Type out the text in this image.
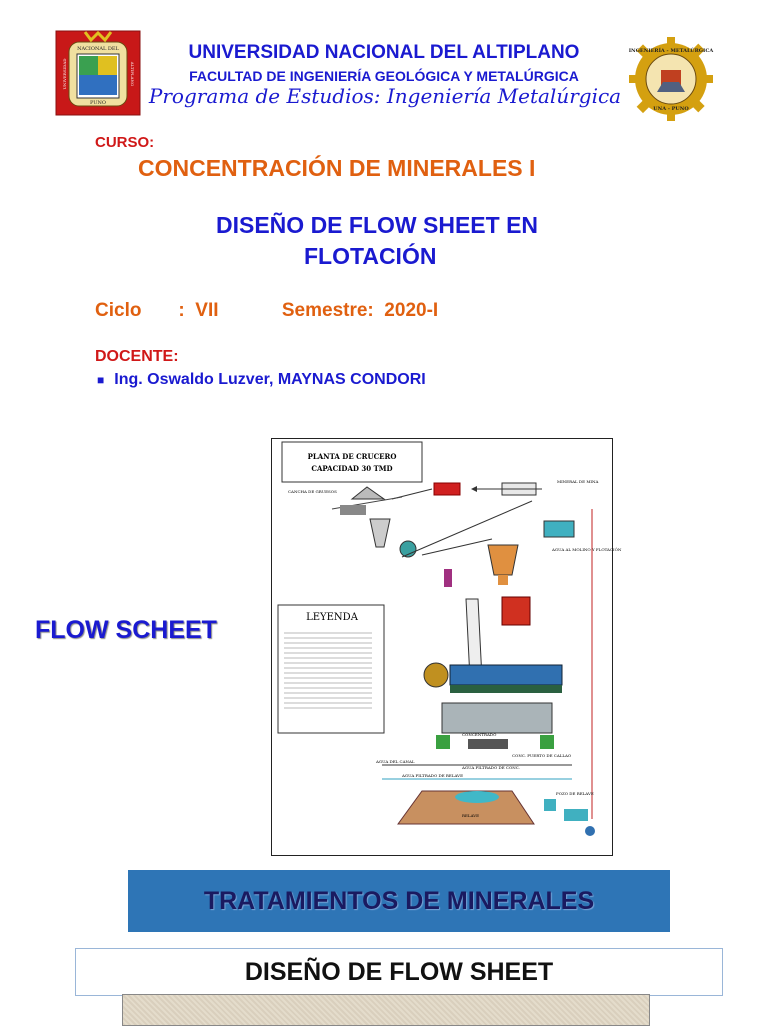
NACIONAL DEL
PUNO
UNIVERSIDAD	ALTIPLANO
INGENIERÍA - METALÚRGICA
UNA - PUNO
UNIVERSIDAD NACIONAL DEL ALTIPLANO
FACULTAD DE INGENIERÍA GEOLÓGICA Y METALÚRGICA
Programa de Estudios: Ingeniería Metalúrgica
CURSO:
CONCENTRACIÓN DE MINERALES I
DISEÑO DE FLOW SHEET EN
FLOTACIÓN
Ciclo       :  VII            Semestre:  2020-I
DOCENTE:
■ Ing. Oswaldo Luzver, MAYNAS CONDORI
FLOW SCHEET
PLANTA DE CRUCERO
CAPACIDAD 30 TMD
MINERAL DE MINA
CANCHA DE GRUESOS
AGUA AL MOLINO Y FLOTACIÓN
LEYENDA
CONCENTRADO
CONC. PUERTO DE CALLAO
AGUA DEL CANAL
AGUA FILTRADO DE CONC.
AGUA FILTRADO DE RELAVE
RELAVE
POZO DE RELAVE
TRATAMIENTOS DE MINERALES
DISEÑO DE FLOW SHEET
